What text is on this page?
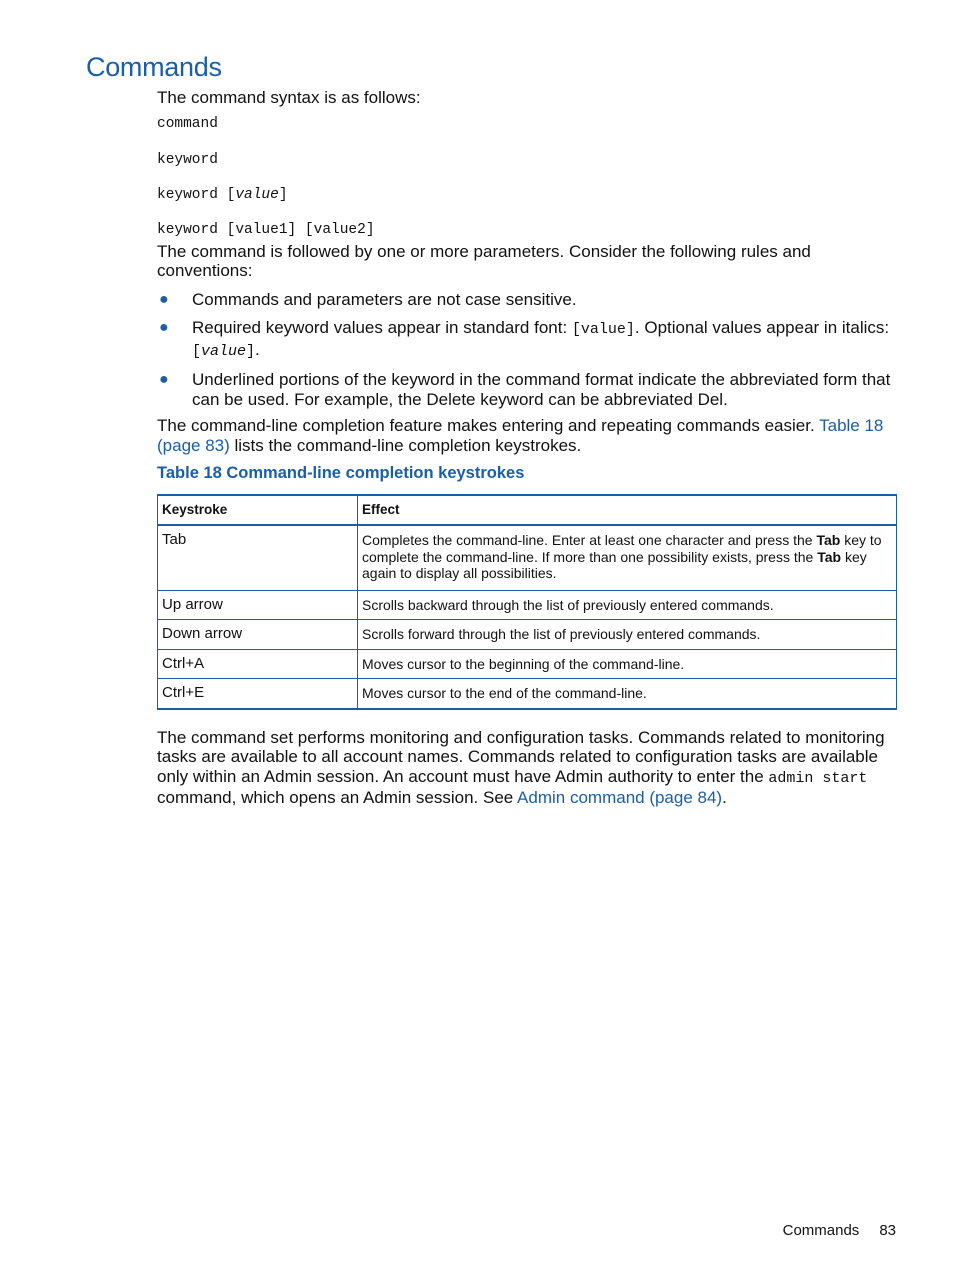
Commands

The command syntax is as follows:

command

keyword

keyword [value]

keyword [value1] [value2]

The command is followed by one or more parameters. Consider the following rules and conventions:

● Commands and parameters are not case sensitive.
● Required keyword values appear in standard font: [value]. Optional values appear in italics: [value].
● Underlined portions of the keyword in the command format indicate the abbreviated form that can be used. For example, the Delete keyword can be abbreviated Del.

The command-line completion feature makes entering and repeating commands easier. Table 18 (page 83) lists the command-line completion keystrokes.

Table 18 Command-line completion keystrokes

Keystroke	Effect
Tab	Completes the command-line. Enter at least one character and press the Tab key to complete the command-line. If more than one possibility exists, press the Tab key again to display all possibilities.
Up arrow	Scrolls backward through the list of previously entered commands.
Down arrow	Scrolls forward through the list of previously entered commands.
Ctrl+A	Moves cursor to the beginning of the command-line.
Ctrl+E	Moves cursor to the end of the command-line.

The command set performs monitoring and configuration tasks. Commands related to monitoring tasks are available to all account names. Commands related to configuration tasks are available only within an Admin session. An account must have Admin authority to enter the admin start command, which opens an Admin session. See Admin command (page 84).

Commands 83
